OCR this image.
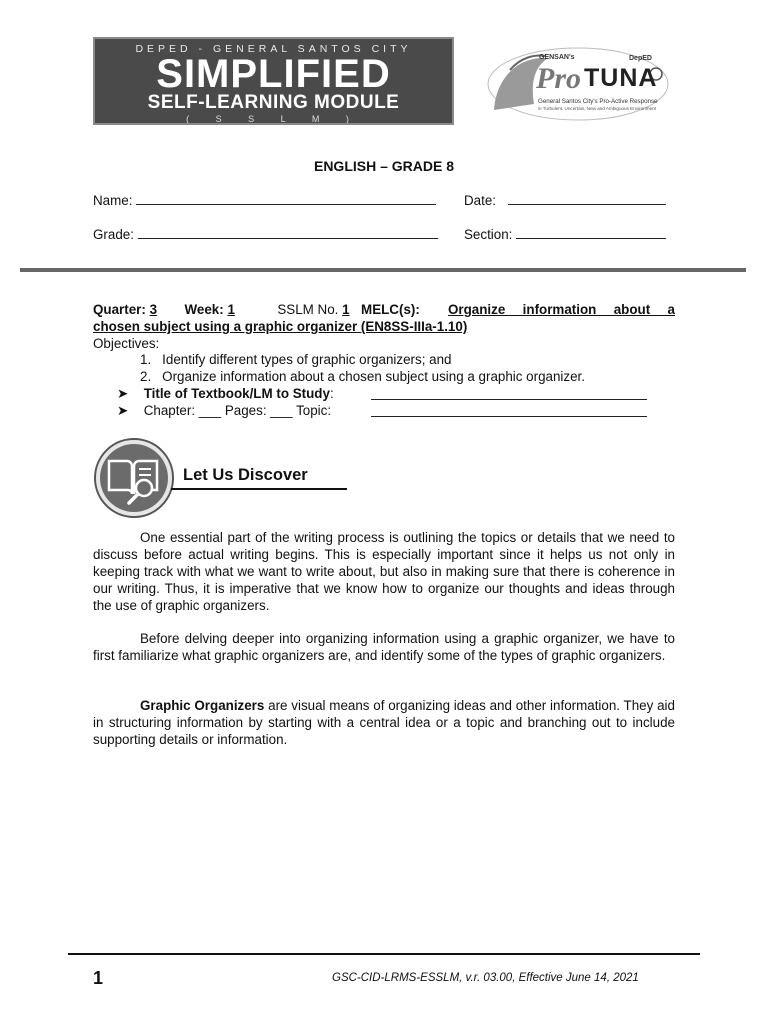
DEPED - GENERAL SANTOS CITY
SIMPLIFIED
SELF-LEARNING MODULE
( S S L M )
GENSAN's
Pro TUNA
DepED
General Santos City's Pro-Active Response
in Turbulent, Uncertain, New and Ambiguous Environment
ENGLISH – GRADE 8
Name:	Date:
Grade:	Section:
Quarter: 3 Week: 1	SSLM No. 1 MELC(s):	Organize information about a
chosen subject using a graphic organizer (EN8SS-IIIa-1.10)
Objectives:
1. Identify different types of graphic organizers; and
2. Organize information about a chosen subject using a graphic organizer.
➤ Title of Textbook/LM to Study:
➤ Chapter: ___ Pages: ___ Topic:
Let Us Discover
One essential part of the writing process is outlining the topics or details that we need to discuss before actual writing begins. This is especially important since it helps us not only in keeping track with what we want to write about, but also in making sure that there is coherence in our writing. Thus, it is imperative that we know how to organize our thoughts and ideas through the use of graphic organizers.
Before delving deeper into organizing information using a graphic organizer, we have to first familiarize what graphic organizers are, and identify some of the types of graphic organizers.
Graphic Organizers are visual means of organizing ideas and other information. They aid in structuring information by starting with a central idea or a topic and branching out to include supporting details or information.
1	GSC-CID-LRMS-ESSLM, v.r. 03.00, Effective June 14, 2021
